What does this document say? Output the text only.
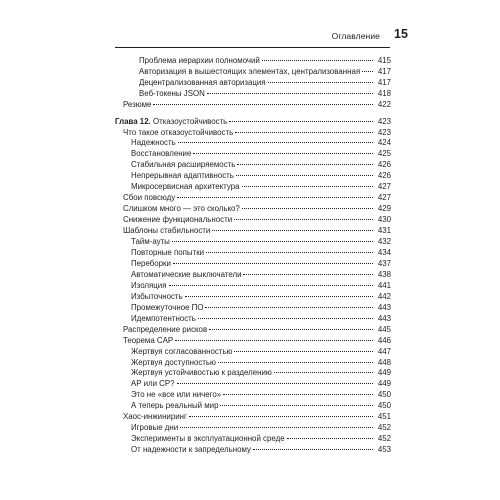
Оглавление 15
Проблема иерархии полномочий	415
Авторизация в вышестоящих элементах, централизованная	417
Децентрализованная авторизация	417
Веб-токены JSON	418
Резюме	422
Глава 12. Отказоустойчивость	423
Что такое отказоустойчивость	423
Надежность	424
Восстановление	425
Стабильная расширяемость	426
Непрерывная адаптивность	426
Микросервисная архитектура	427
Сбои повсюду	427
Слишком много — это сколько?	429
Снижение функциональности	430
Шаблоны стабильности	431
Тайм-ауты	432
Повторные попытки	434
Переборки	437
Автоматические выключатели	438
Изоляция	441
Избыточность	442
Промежуточное ПО	443
Идемпотентность	443
Распределение рисков	445
Теорема CAP	446
Жертвуя согласованностью	447
Жертвуя доступностью	448
Жертвуя устойчивостью к разделению	449
AP или CP?	449
Это не «все или ничего»	450
А теперь реальный мир	450
Хаос-инжиниринг	451
Игровые дни	452
Эксперименты в эксплуатационной среде	452
От надежности к запредельному	453
